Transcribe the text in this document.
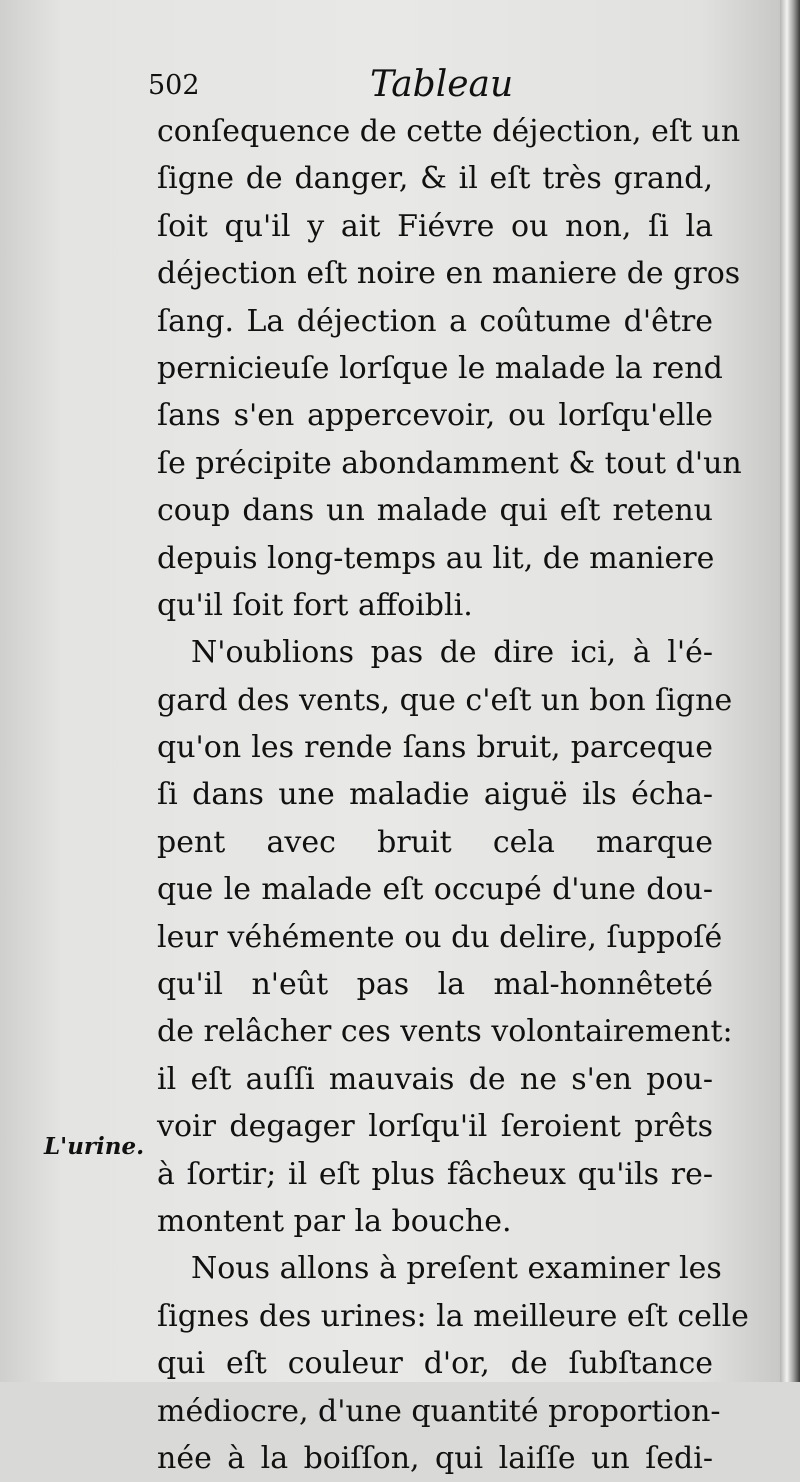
502	Tableau
L'urine.
conſequence de cette déjection, eſt un
ſigne de danger, & il eſt très grand,
ſoit qu'il y ait Fiévre ou non, ſi la
déjection eſt noire en maniere de gros
ſang. La déjection a coûtume d'être
pernicieuſe lorſque le malade la rend
ſans s'en appercevoir, ou lorſqu'elle
ſe précipite abondamment & tout d'un
coup dans un malade qui eſt retenu
depuis long-temps au lit, de maniere
qu'il ſoit fort affoibli.
N'oublions pas de dire ici, à l'é-
gard des vents, que c'eſt un bon ſigne
qu'on les rende ſans bruit, parceque
ſi dans une maladie aiguë ils écha-
pent avec bruit cela marque
que le malade eſt occupé d'une dou-
leur véhémente ou du delire, ſuppoſé
qu'il n'eût pas la mal-honnêteté
de relâcher ces vents volontairement:
il eſt auſſi mauvais de ne s'en pou-
voir degager lorſqu'il ſeroient prêts
à ſortir; il eſt plus fâcheux qu'ils re-
montent par la bouche.
Nous allons à preſent examiner les
ſignes des urines: la meilleure eſt celle
qui eſt couleur d'or, de ſubſtance
médiocre, d'une quantité proportion-
née à la boiſſon, qui laiſſe un ſedi-
